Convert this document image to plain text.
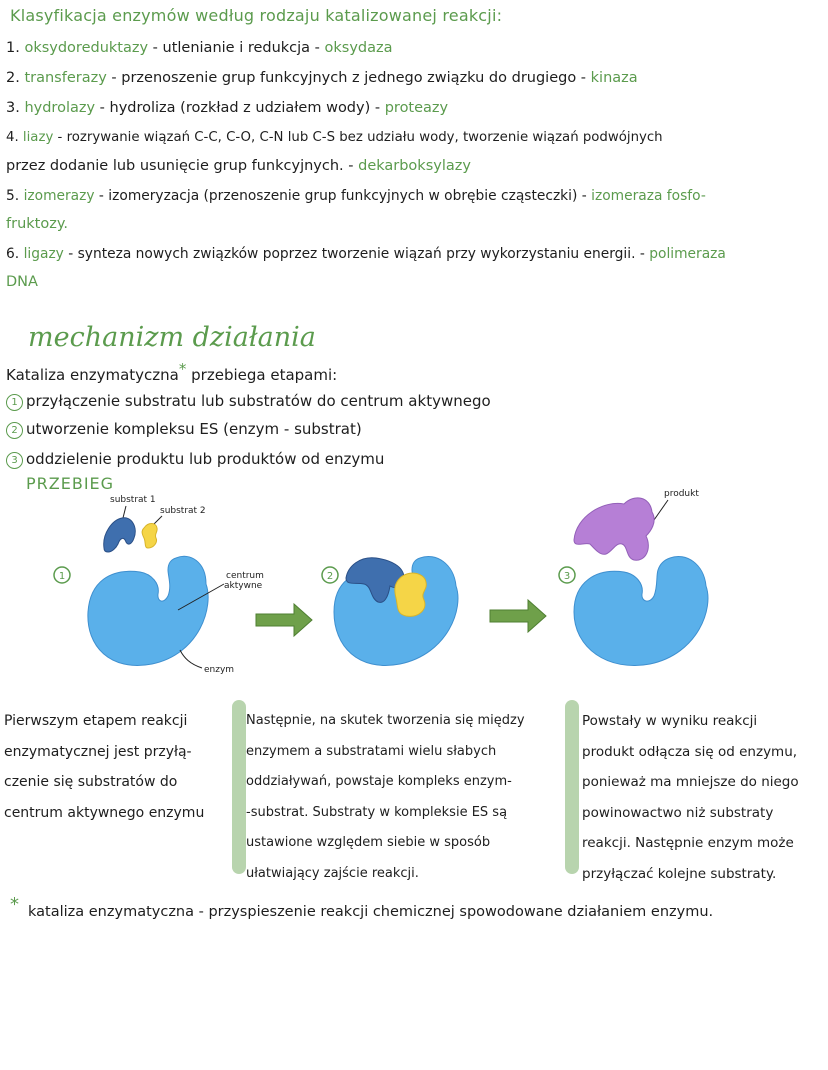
Klasyfikacja enzymów według rodzaju katalizowanej reakcji:
1. oksydoreduktazy - utlenianie i redukcja - oksydaza
2. transferazy - przenoszenie grup funkcyjnych z jednego związku do drugiego - kinaza
3. hydrolazy - hydroliza (rozkład z udziałem wody) - proteazy
4. liazy - rozrywanie wiązań C-C, C-O, C-N lub C-S bez udziału wody, tworzenie wiązań podwójnych
przez dodanie lub usunięcie grup funkcyjnych. - dekarboksylazy
5. izomerazy - izomeryzacja (przenoszenie grup funkcyjnych w obrębie cząsteczki) - izomeraza fosfo-
fruktozy.
6. ligazy - synteza nowych związków poprzez tworzenie wiązań przy wykorzystaniu energii. - polimeraza
DNA
mechanizm działania
Kataliza enzymatyczna* przebiega etapami:
1 przyłączenie substratu lub substratów do centrum aktywnego
2 utworzenie kompleksu ES (enzym - substrat)
3 oddzielenie produktu lub produktów od enzymu
PRZEBIEG
1
substrat 1
substrat 2
centrum
aktywne
enzym
2	3
produkt
Pierwszym etapem reakcji
enzymatycznej jest przyłą-
czenie się substratów do
centrum aktywnego enzymu
Następnie, na skutek tworzenia się między
enzymem a substratami wielu słabych
oddziaływań, powstaje kompleks enzym-
-substrat. Substraty w kompleksie ES są
ustawione względem siebie w sposób
ułatwiający zajście reakcji.
Powstały w wyniku reakcji
produkt odłącza się od enzymu,
ponieważ ma mniejsze do niego
powinowactwo niż substraty
reakcji. Następnie enzym może
przyłączać kolejne substraty.
* kataliza enzymatyczna - przyspieszenie reakcji chemicznej spowodowane działaniem enzymu.
